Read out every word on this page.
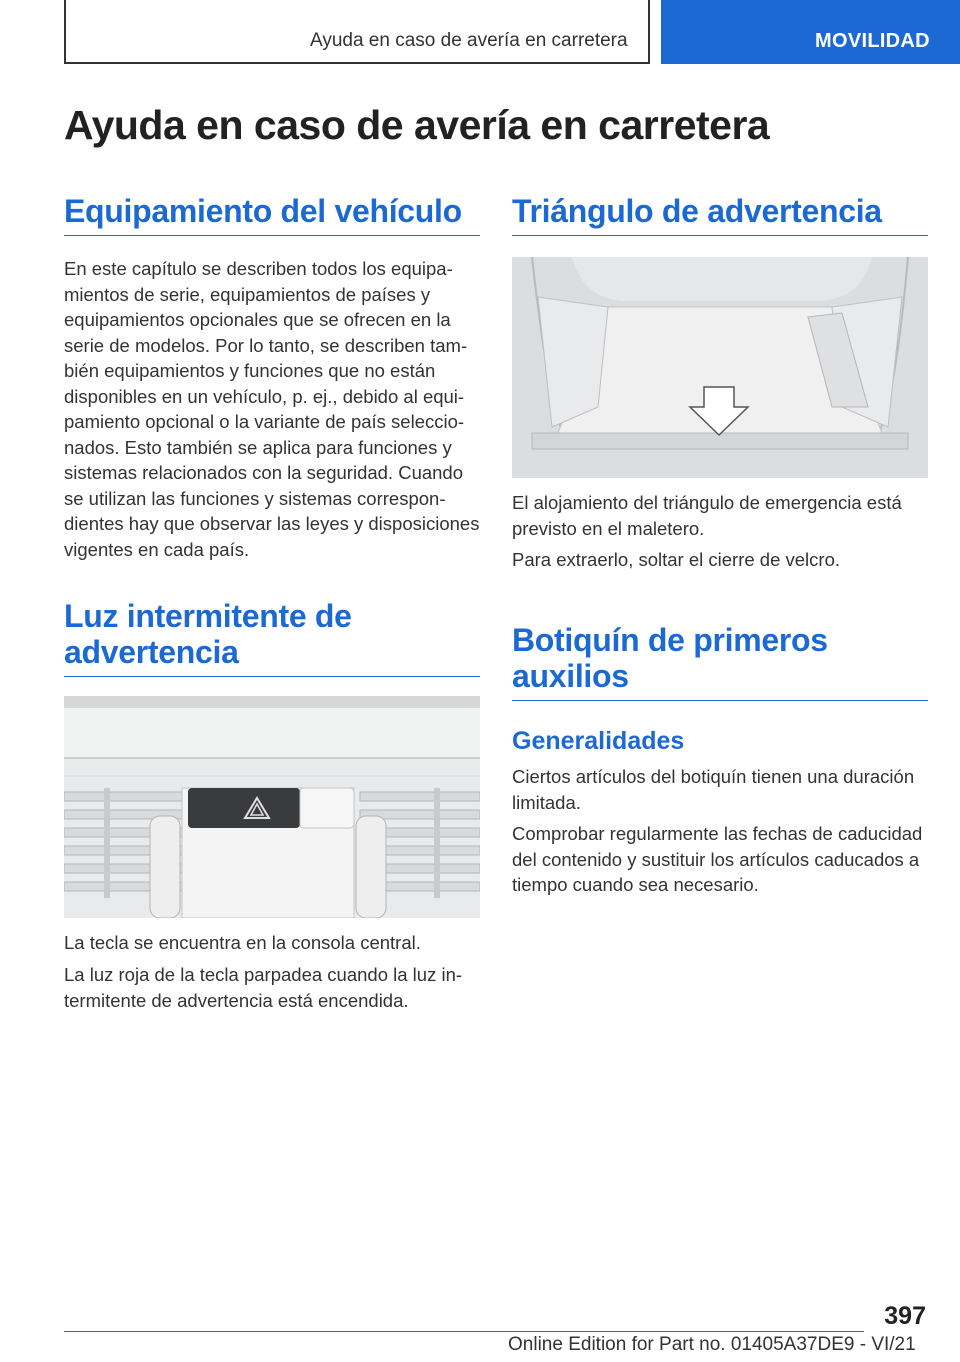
Ayuda en caso de avería en carretera	MOVILIDAD
Ayuda en caso de avería en carretera
Equipamiento del vehículo

En este capítulo se describen todos los equipamientos de serie, equipamientos de países y equipamientos opcionales que se ofrecen en la serie de modelos. Por lo tanto, se describen también equipamientos y funciones que no están disponibles en un vehículo, p. ej., debido al equipamiento opcional o la variante de país seleccionados. Esto también se aplica para funciones y sistemas relacionados con la seguridad. Cuando se utilizan las funciones y sistemas correspondientes hay que observar las leyes y disposiciones vigentes en cada país.

Luz intermitente de advertencia

La tecla se encuentra en la consola central.

La luz roja de la tecla parpadea cuando la luz intermitente de advertencia está encendida.

Triángulo de advertencia

El alojamiento del triángulo de emergencia está previsto en el maletero.

Para extraerlo, soltar el cierre de velcro.

Botiquín de primeros auxilios
Generalidades

Ciertos artículos del botiquín tienen una duración limitada.

Comprobar regularmente las fechas de caducidad del contenido y sustituir los artículos caducados a tiempo cuando sea necesario.

397
Online Edition for Part no. 01405A37DE9 - VI/21
